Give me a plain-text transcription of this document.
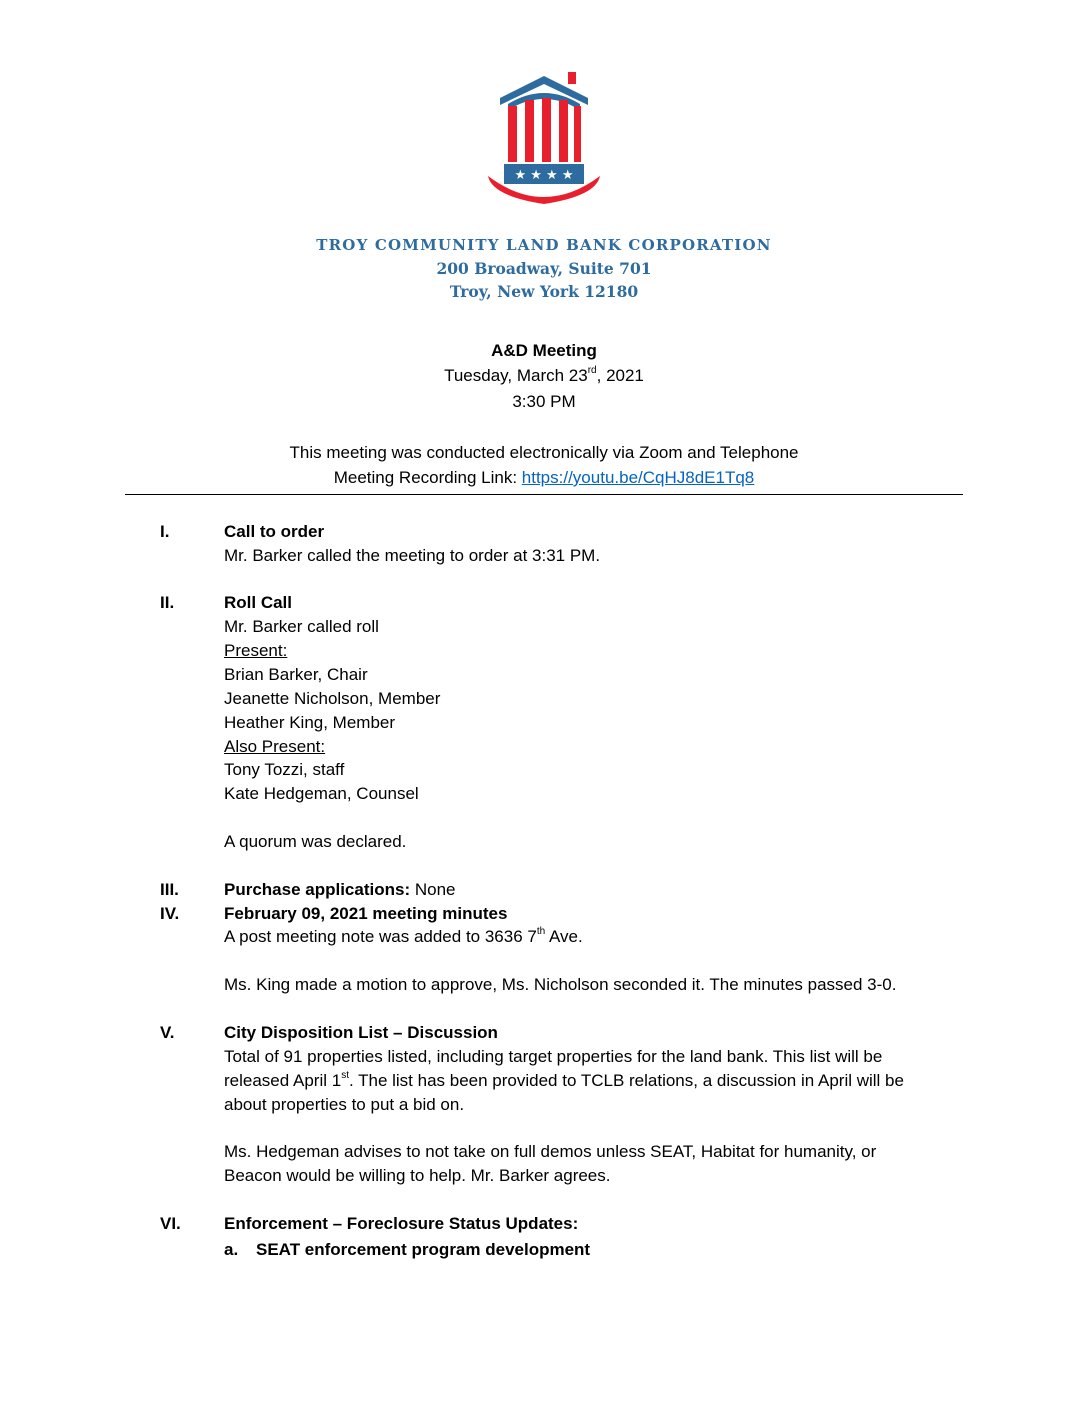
★ ★ ★ ★
TROY COMMUNITY LAND BANK CORPORATION
200 Broadway, Suite 701
Troy, New York 12180
A&D Meeting
Tuesday, March 23rd, 2021
3:30 PM
This meeting was conducted electronically via Zoom and Telephone
Meeting Recording Link: https://youtu.be/CqHJ8dE1Tq8
I.	Call to order
Mr. Barker called the meeting to order at 3:31 PM.
II.	Roll Call
Mr. Barker called roll
Present:
Brian Barker, Chair
Jeanette Nicholson, Member
Heather King, Member
Also Present:
Tony Tozzi, staff
Kate Hedgeman, Counsel
A quorum was declared.
III.	Purchase applications: None
IV.	February 09, 2021 meeting minutes
A post meeting note was added to 3636 7th Ave.
Ms. King made a motion to approve, Ms. Nicholson seconded it. The minutes passed 3-0.
V.	City Disposition List – Discussion
Total of 91 properties listed, including target properties for the land bank. This list will be
released April 1st. The list has been provided to TCLB relations, a discussion in April will be
about properties to put a bid on.
Ms. Hedgeman advises to not take on full demos unless SEAT, Habitat for humanity, or
Beacon would be willing to help. Mr. Barker agrees.
VI.	Enforcement – Foreclosure Status Updates:
a. SEAT enforcement program development
